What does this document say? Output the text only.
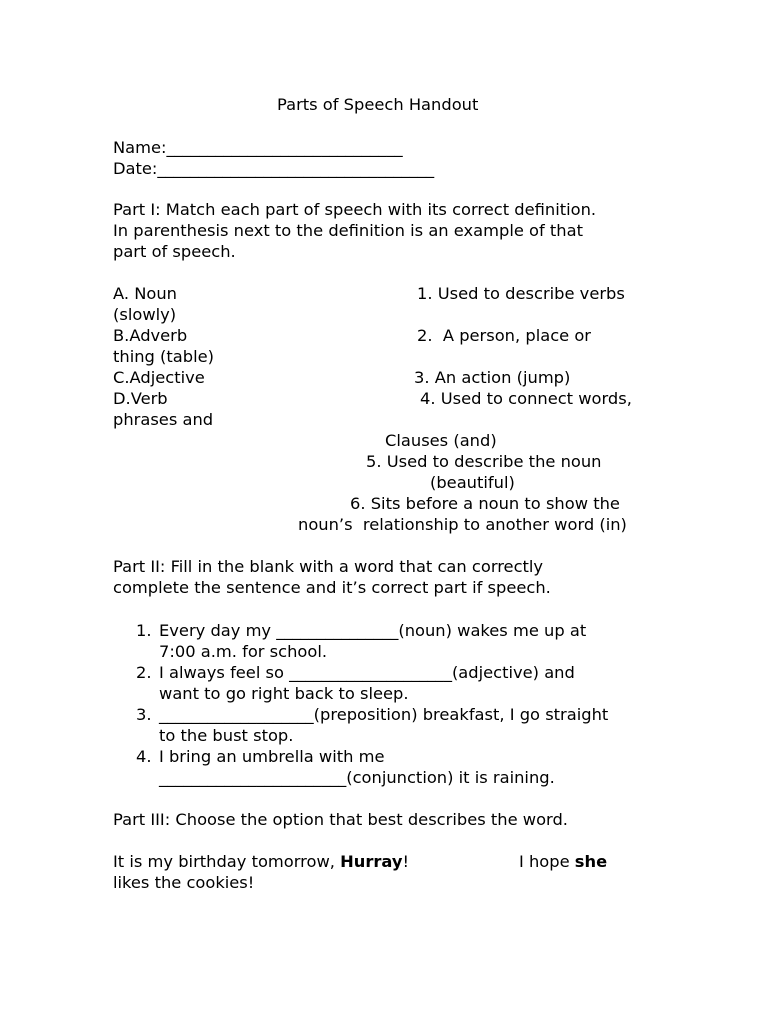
Parts of Speech Handout
Name:_____________________________
Date:__________________________________
Part I: Match each part of speech with its correct definition.
In parenthesis next to the definition is an example of that
part of speech.
A. Noun	1. Used to describe verbs
(slowly)
B.Adverb	2.  A person, place or
thing (table)
C.Adjective	3. An action (jump)
D.Verb	4. Used to connect words,
phrases and
Clauses (and)
5. Used to describe the noun
(beautiful)
6. Sits before a noun to show the
noun’s  relationship to another word (in)
Part II: Fill in the blank with a word that can correctly
complete the sentence and it’s correct part if speech.
1. Every day my _______________(noun) wakes me up at
7:00 a.m. for school.
2. I always feel so ____________________(adjective) and
want to go right back to sleep.
3. ___________________(preposition) breakfast, I go straight
to the bust stop.
4. I bring an umbrella with me
_______________________(conjunction) it is raining.
Part III: Choose the option that best describes the word.
It is my birthday tomorrow, Hurray!	I hope she
likes the cookies!
